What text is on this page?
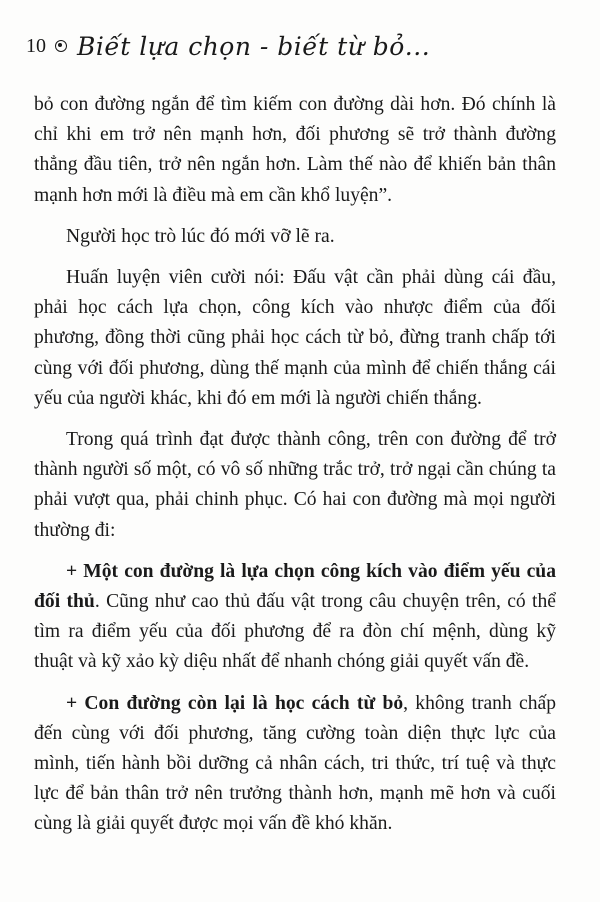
10 Biết lựa chọn - biết từ bỏ...

bỏ con đường ngắn để tìm kiếm con đường dài hơn. Đó chính là chỉ khi em trở nên mạnh hơn, đối phương sẽ trở thành đường thẳng đầu tiên, trở nên ngắn hơn. Làm thế nào để khiến bản thân mạnh hơn mới là điều mà em cần khổ luyện”.

Người học trò lúc đó mới vỡ lẽ ra.

Huấn luyện viên cười nói: Đấu vật cần phải dùng cái đầu, phải học cách lựa chọn, công kích vào nhược điểm của đối phương, đồng thời cũng phải học cách từ bỏ, đừng tranh chấp tới cùng với đối phương, dùng thế mạnh của mình để chiến thắng cái yếu của người khác, khi đó em mới là người chiến thắng.

Trong quá trình đạt được thành công, trên con đường để trở thành người số một, có vô số những trắc trở, trở ngại cần chúng ta phải vượt qua, phải chinh phục. Có hai con đường mà mọi người thường đi:

+ Một con đường là lựa chọn công kích vào điểm yếu của đối thủ. Cũng như cao thủ đấu vật trong câu chuyện trên, có thể tìm ra điểm yếu của đối phương để ra đòn chí mệnh, dùng kỹ thuật và kỹ xảo kỳ diệu nhất để nhanh chóng giải quyết vấn đề.

+ Con đường còn lại là học cách từ bỏ, không tranh chấp đến cùng với đối phương, tăng cường toàn diện thực lực của mình, tiến hành bồi dưỡng cả nhân cách, tri thức, trí tuệ và thực lực để bản thân trở nên trưởng thành hơn, mạnh mẽ hơn và cuối cùng là giải quyết được mọi vấn đề khó khăn.
